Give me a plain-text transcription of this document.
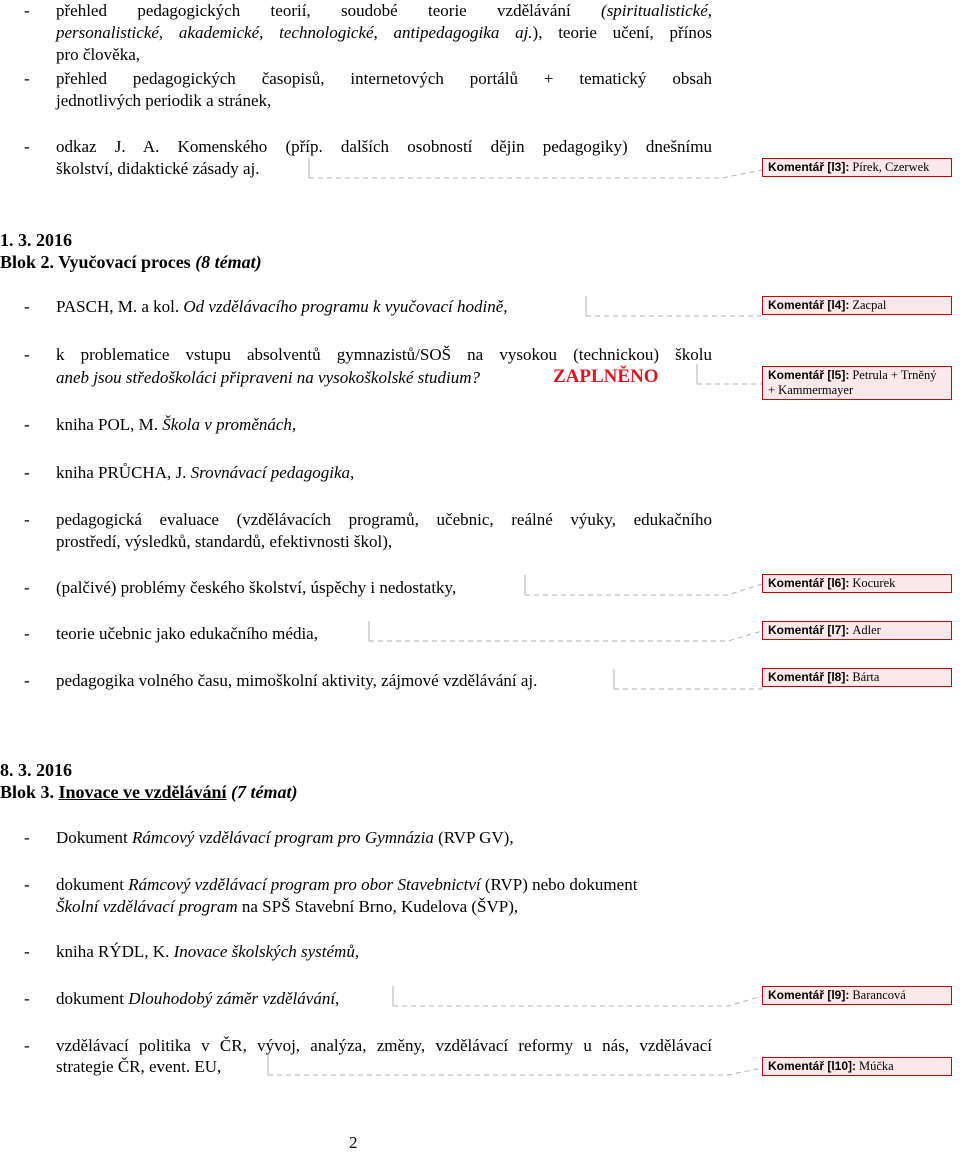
- přehled pedagogických teorií, soudobé teorie vzdělávání (spiritualistické,
personalistické, akademické, technologické, antipedagogika aj.), teorie učení, přínos
pro člověka,
- přehled pedagogických časopisů, internetových portálů + tematický obsah
jednotlivých periodik a stránek,
- odkaz J. A. Komenského (příp. dalších osobností dějin pedagogiky) dnešnímu
školství, didaktické zásady aj.
1. 3. 2016
Blok 2. Vyučovací proces (8 témat)
- PASCH, M. a kol. Od vzdělávacího programu k vyučovací hodině,
- k problematice vstupu absolventů gymnazistů/SOŠ na vysokou (technickou) školu
aneb jsou středoškoláci připraveni na vysokoškolské studium?	ZAPLNĚNO
- kniha POL, M. Škola v proměnách,
- kniha PRŮCHA, J. Srovnávací pedagogika,
- pedagogická evaluace (vzdělávacích programů, učebnic, reálné výuky, edukačního
prostředí, výsledků, standardů, efektivnosti škol),
- (palčivé) problémy českého školství, úspěchy i nedostatky,
- teorie učebnic jako edukačního média,
- pedagogika volného času, mimoškolní aktivity, zájmové vzdělávání aj.
8. 3. 2016
Blok 3. Inovace ve vzdělávání (7 témat)
- Dokument Rámcový vzdělávací program pro Gymnázia (RVP GV),
- dokument Rámcový vzdělávací program pro obor Stavebnictví (RVP) nebo dokument
Školní vzdělávací program na SPŠ Stavební Brno, Kudelova (ŠVP),
- kniha RÝDL, K. Inovace školských systémů,
- dokument Dlouhodobý záměr vzdělávání,
- vzdělávací politika v ČR, vývoj, analýza, změny, vzdělávací reformy u nás, vzdělávací
strategie ČR, event. EU,
Komentář [l3]: Pírek, Czerwek
Komentář [l4]: Zacpal
Komentář [l5]: Petrula + Trněný + Kammermayer
Komentář [l6]: Kocurek
Komentář [l7]: Adler
Komentář [l8]: Bárta
Komentář [l9]: Barancová
Komentář [l10]: Múčka
2
